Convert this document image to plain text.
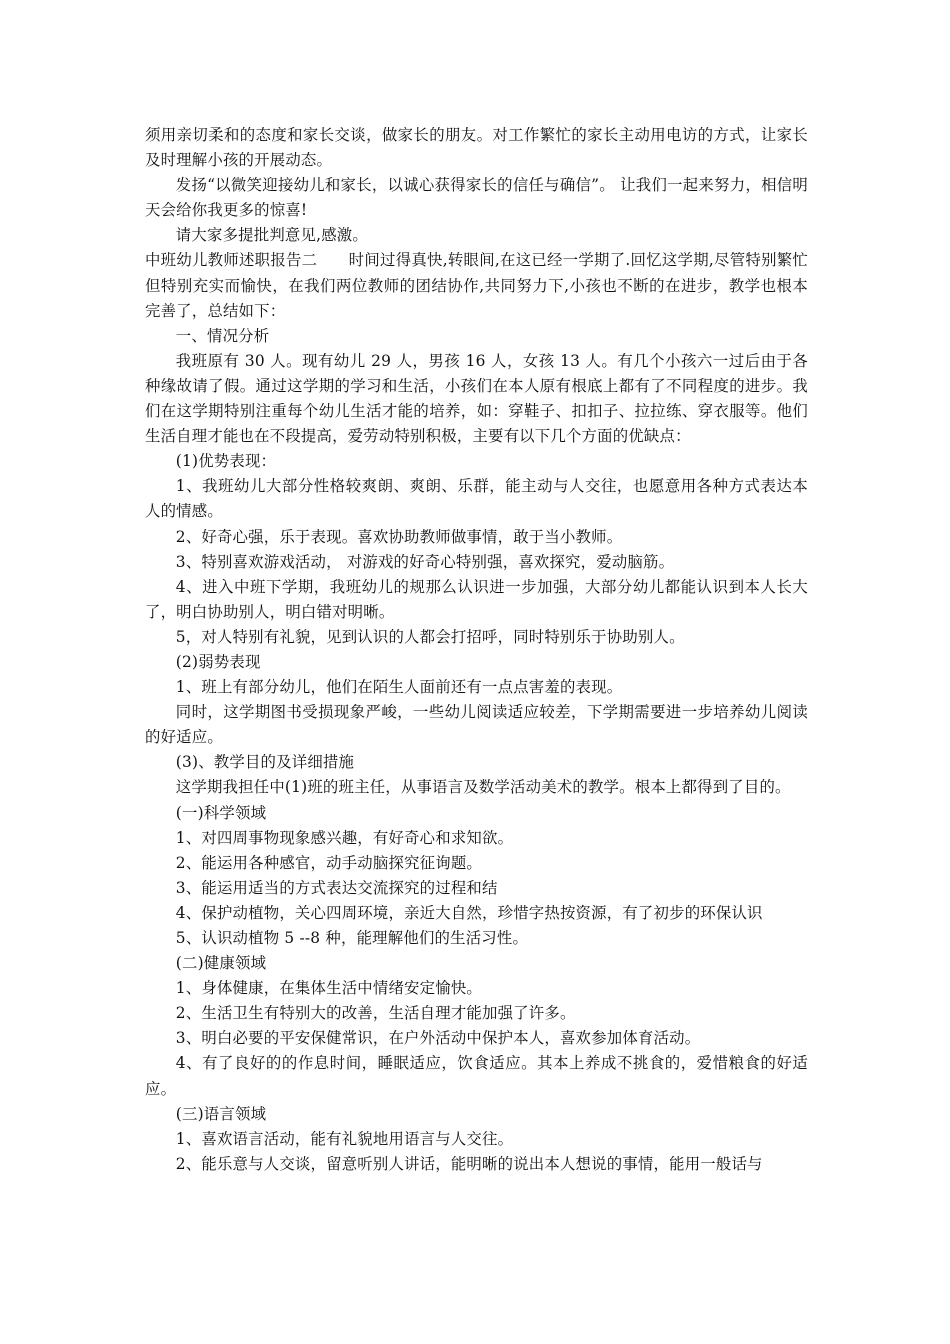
须用亲切柔和的态度和家长交谈，做家长的朋友。对工作繁忙的家长主动用电访的方式，让家长及时理解小孩的开展动态。

发扬“以微笑迎接幼儿和家长，以诚心获得家长的信任与确信”。 让我们一起来努力，相信明天会给你我更多的惊喜!

请大家多提批判意见,感激。

中班幼儿教师述职报告二　　时间过得真快,转眼间,在这已经一学期了.回忆这学期,尽管特别繁忙但特别充实而愉快，在我们两位教师的团结协作,共同努力下,小孩也不断的在进步，教学也根本完善了，总结如下：

一、情况分析

我班原有 30 人。现有幼儿 29 人，男孩 16 人，女孩 13 人。有几个小孩六一过后由于各种缘故请了假。通过这学期的学习和生活，小孩们在本人原有根底上都有了不同程度的进步。我们在这学期特别注重每个幼儿生活才能的培养，如：穿鞋子、扣扣子、拉拉练、穿衣服等。他们生活自理才能也在不段提高，爱劳动特别积极，主要有以下几个方面的优缺点：

(1)优势表现：

1、我班幼儿大部分性格较爽朗、爽朗、乐群，能主动与人交往，也愿意用各种方式表达本人的情感。

2、好奇心强，乐于表现。喜欢协助教师做事情，敢于当小教师。

3、特别喜欢游戏活动， 对游戏的好奇心特别强，喜欢探究，爱动脑筋。

4、进入中班下学期，我班幼儿的规那么认识进一步加强，大部分幼儿都能认识到本人长大了，明白协助别人，明白错对明晰。

5，对人特别有礼貌，见到认识的人都会打招呼，同时特别乐于协助别人。

(2)弱势表现

1、班上有部分幼儿，他们在陌生人面前还有一点点害羞的表现。

同时，这学期图书受损现象严峻，一些幼儿阅读适应较差，下学期需要进一步培养幼儿阅读的好适应。

(3)、教学目的及详细措施

这学期我担任中(1)班的班主任，从事语言及数学活动美术的教学。根本上都得到了目的。

(一)科学领域

1、对四周事物现象感兴趣，有好奇心和求知欲。

2、能运用各种感官，动手动脑探究征询题。

3、能运用适当的方式表达交流探究的过程和结

4、保护动植物，关心四周环境，亲近大自然，珍惜字热按资源，有了初步的环保认识

5、认识动植物 5 --8 种，能理解他们的生活习性。

(二)健康领域

1、身体健康，在集体生活中情绪安定愉快。

2、生活卫生有特别大的改善，生活自理才能加强了许多。

3、明白必要的平安保健常识，在户外活动中保护本人，喜欢参加体育活动。

4、有了良好的的作息时间，睡眠适应，饮食适应。其本上养成不挑食的，爱惜粮食的好适应。

(三)语言领域

1、喜欢语言活动，能有礼貌地用语言与人交往。

2、能乐意与人交谈，留意听别人讲话，能明晰的说出本人想说的事情，能用一般话与
